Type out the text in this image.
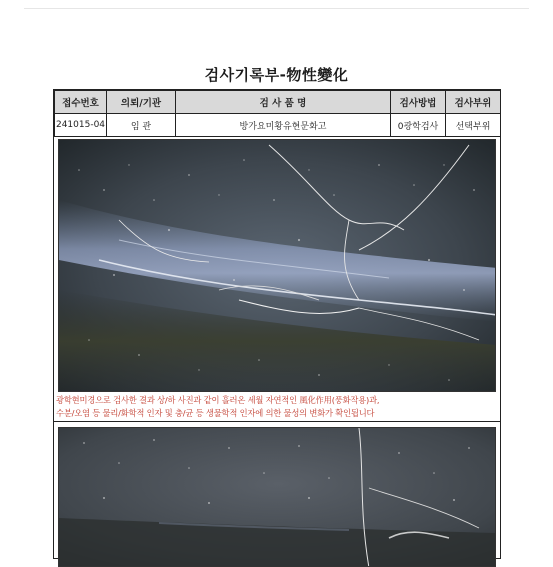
검사기록부-物性變化
접수번호	의뢰/기관	검 사 품 명	검사방법	검사부위
241015-04	임 관	방가요미황유현문화고	0광학검사	선택부위
광학현미경으로 검사한 결과 상/하 사진과 같이 흘러온 세월 자연적인 風化作用(풍화작용)과,
수분/오염 등 물리/화학적 인자 및 충/균 등 생물학적 인자에 의한 물성의 변화가 확인됩니다
